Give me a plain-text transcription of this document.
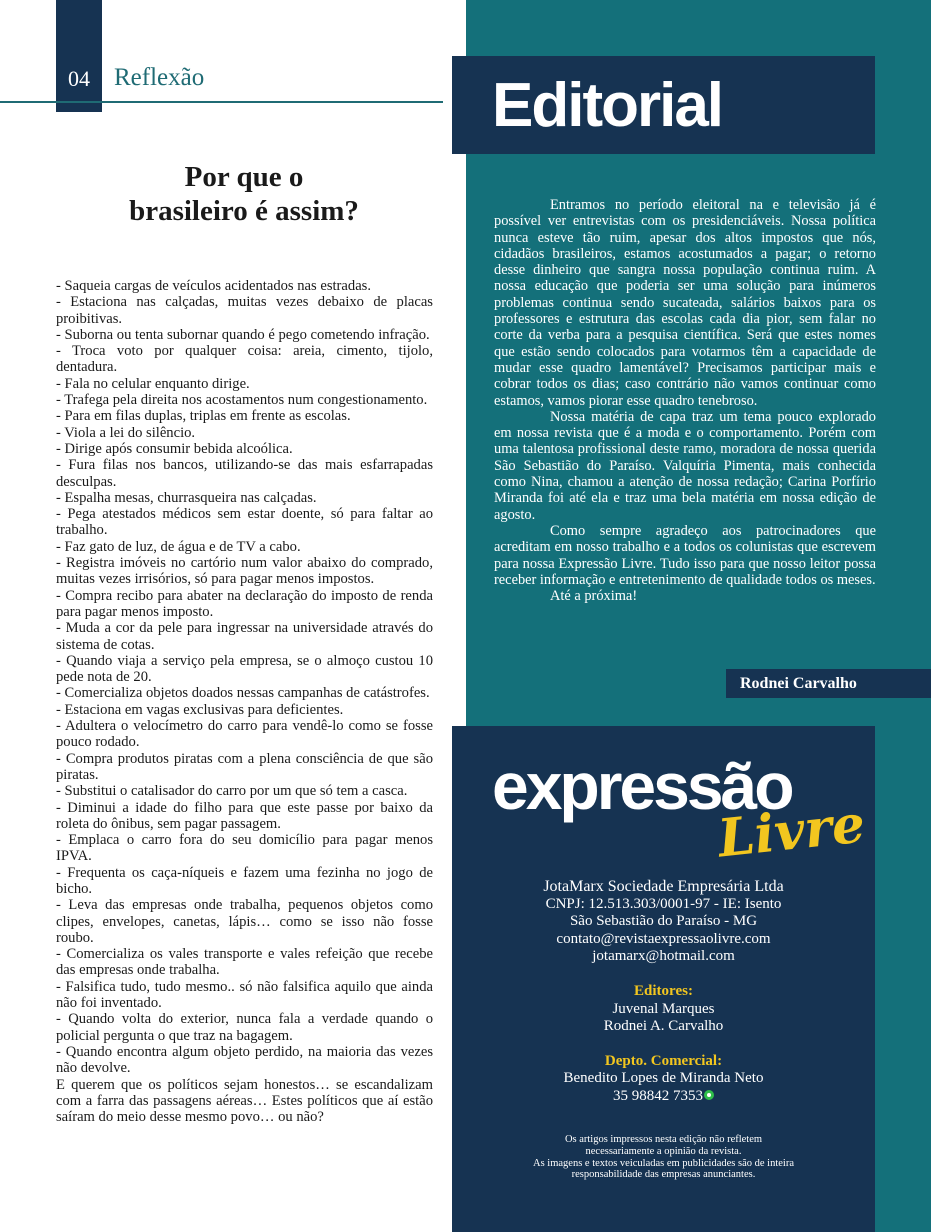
04 Reflexão
Por que o
brasileiro é assim?

- Saqueia cargas de veículos acidentados nas estradas.

- Estaciona nas calçadas, muitas vezes debaixo de placas proibitivas.

- Suborna ou tenta subornar quando é pego cometendo infração.

- Troca voto por qualquer coisa: areia, cimento, tijolo, dentadura.

- Fala no celular enquanto dirige.

- Trafega pela direita nos acostamentos num congestionamento.

- Para em filas duplas, triplas em frente as escolas.

- Viola a lei do silêncio.

- Dirige após consumir bebida alcoólica.

- Fura filas nos bancos, utilizando-se das mais esfarrapadas desculpas.

- Espalha mesas, churrasqueira nas calçadas.

- Pega atestados médicos sem estar doente, só para faltar ao trabalho.

- Faz gato de luz, de água e de TV a cabo.

- Registra imóveis no cartório num valor abaixo do comprado, muitas vezes irrisórios, só para pagar menos impostos.

- Compra recibo para abater na declaração do imposto de renda para pagar menos imposto.

- Muda a cor da pele para ingressar na universidade através do sistema de cotas.

- Quando viaja a serviço pela empresa, se o almoço custou 10 pede nota de 20.

- Comercializa objetos doados nessas campanhas de catástrofes.

- Estaciona em vagas exclusivas para deficientes.

- Adultera o velocímetro do carro para vendê-lo como se fosse pouco rodado.

- Compra produtos piratas com a plena consciência de que são piratas.

- Substitui o catalisador do carro por um que só tem a casca.

- Diminui a idade do filho para que este passe por baixo da roleta do ônibus, sem pagar passagem.

- Emplaca o carro fora do seu domicílio para pagar menos IPVA.

- Frequenta os caça-níqueis e fazem uma fezinha no jogo de bicho.

- Leva das empresas onde trabalha, pequenos objetos como clipes, envelopes, canetas, lápis… como se isso não fosse roubo.

- Comercializa os vales transporte e vales refeição que recebe das empresas onde trabalha.

- Falsifica tudo, tudo mesmo.. só não falsifica aquilo que ainda não foi inventado.

- Quando volta do exterior, nunca fala a verdade quando o policial pergunta o que traz na bagagem.

- Quando encontra algum objeto perdido, na maioria das vezes não devolve.

E querem que os políticos sejam honestos… se escandalizam com a farra das passagens aéreas… Estes políticos que aí estão saíram do meio desse mesmo povo… ou não?

Editorial

Entramos no período eleitoral na e televisão já é possível ver entrevistas com os presidenciáveis. Nossa política nunca esteve tão ruim, apesar dos altos impostos que nós, cidadãos brasileiros, estamos acostumados a pagar; o retorno desse dinheiro que sangra nossa população continua ruim. A nossa educação que poderia ser uma solução para inúmeros problemas continua sendo sucateada, salários baixos para os professores e estrutura das escolas cada dia pior, sem falar no corte da verba para a pesquisa científica. Será que estes nomes que estão sendo colocados para votarmos têm a capacidade de mudar esse quadro lamentável? Precisamos participar mais e cobrar todos os dias; caso contrário não vamos continuar como estamos, vamos piorar esse quadro tenebroso.

Nossa matéria de capa traz um tema pouco explorado em nossa revista que é a moda e o comportamento. Porém com uma talentosa profissional deste ramo, moradora de nossa querida São Sebastião do Paraíso. Valquíria Pimenta, mais conhecida como Nina, chamou a atenção de nossa redação; Carina Porfírio Miranda foi até ela e traz uma bela matéria em nossa edição de agosto.

Como sempre agradeço aos patrocinadores que acreditam em nosso trabalho e a todos os colunistas que escrevem para nossa Expressão Livre. Tudo isso para que nosso leitor possa receber informação e entretenimento de qualidade todos os meses.

Até a próxima!

Rodnei Carvalho
expressão
Livre
JotaMarx Sociedade Empresária Ltda
CNPJ: 12.513.303/0001-97 - IE: Isento
São Sebastião do Paraíso - MG
contato@revistaexpressaolivre.com
jotamarx@hotmail.com
Editores:
Juvenal Marques
Rodnei A. Carvalho
Depto. Comercial:
Benedito Lopes de Miranda Neto
35 98842 7353
Os artigos impressos nesta edição não refletem
necessariamente a opinião da revista.
As imagens e textos veiculadas em publicidades são de inteira
responsabilidade das empresas anunciantes.
